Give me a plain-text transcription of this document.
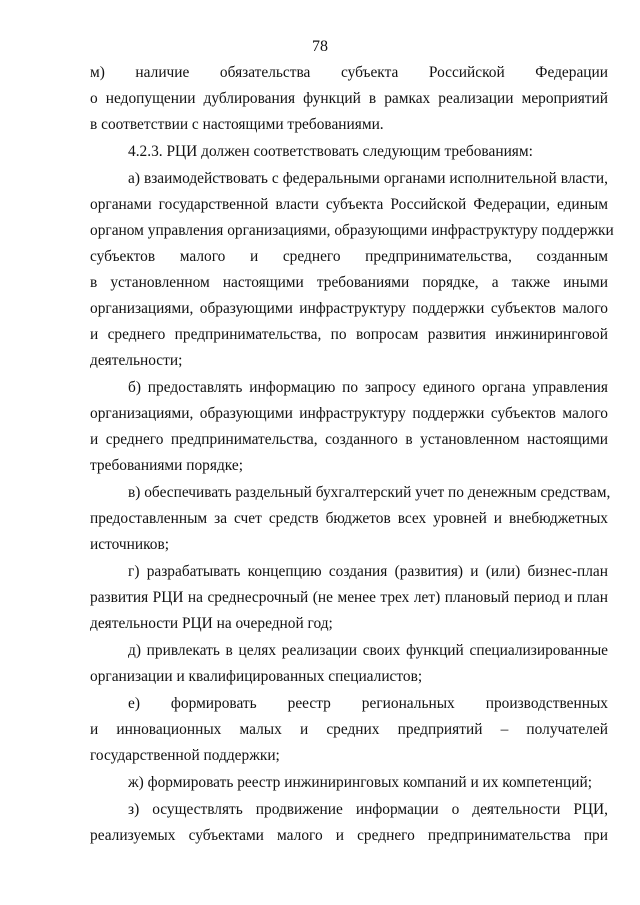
78
м) наличие обязательства субъекта Российской Федерации
о недопущении дублирования функций в рамках реализации мероприятий
в соответствии с настоящими требованиями.
4.2.3. РЦИ должен соответствовать следующим требованиям:
а) взаимодействовать с федеральными органами исполнительной власти,
органами государственной власти субъекта Российской Федерации, единым
органом управления организациями, образующими инфраструктуру поддержки
субъектов малого и среднего предпринимательства, созданным
в установленном настоящими требованиями порядке, а также иными
организациями, образующими инфраструктуру поддержки субъектов малого
и среднего предпринимательства, по вопросам развития инжиниринговой
деятельности;
б) предоставлять информацию по запросу единого органа управления
организациями, образующими инфраструктуру поддержки субъектов малого
и среднего предпринимательства, созданного в установленном настоящими
требованиями порядке;
в) обеспечивать раздельный бухгалтерский учет по денежным средствам,
предоставленным за счет средств бюджетов всех уровней и внебюджетных
источников;
г) разрабатывать концепцию создания (развития) и (или) бизнес-план
развития РЦИ на среднесрочный (не менее трех лет) плановый период и план
деятельности РЦИ на очередной год;
д) привлекать в целях реализации своих функций специализированные
организации и квалифицированных специалистов;
е) формировать реестр региональных производственных
и инновационных малых и средних предприятий – получателей
государственной поддержки;
ж) формировать реестр инжиниринговых компаний и их компетенций;
з) осуществлять продвижение информации о деятельности РЦИ,
реализуемых субъектами малого и среднего предпринимательства при
